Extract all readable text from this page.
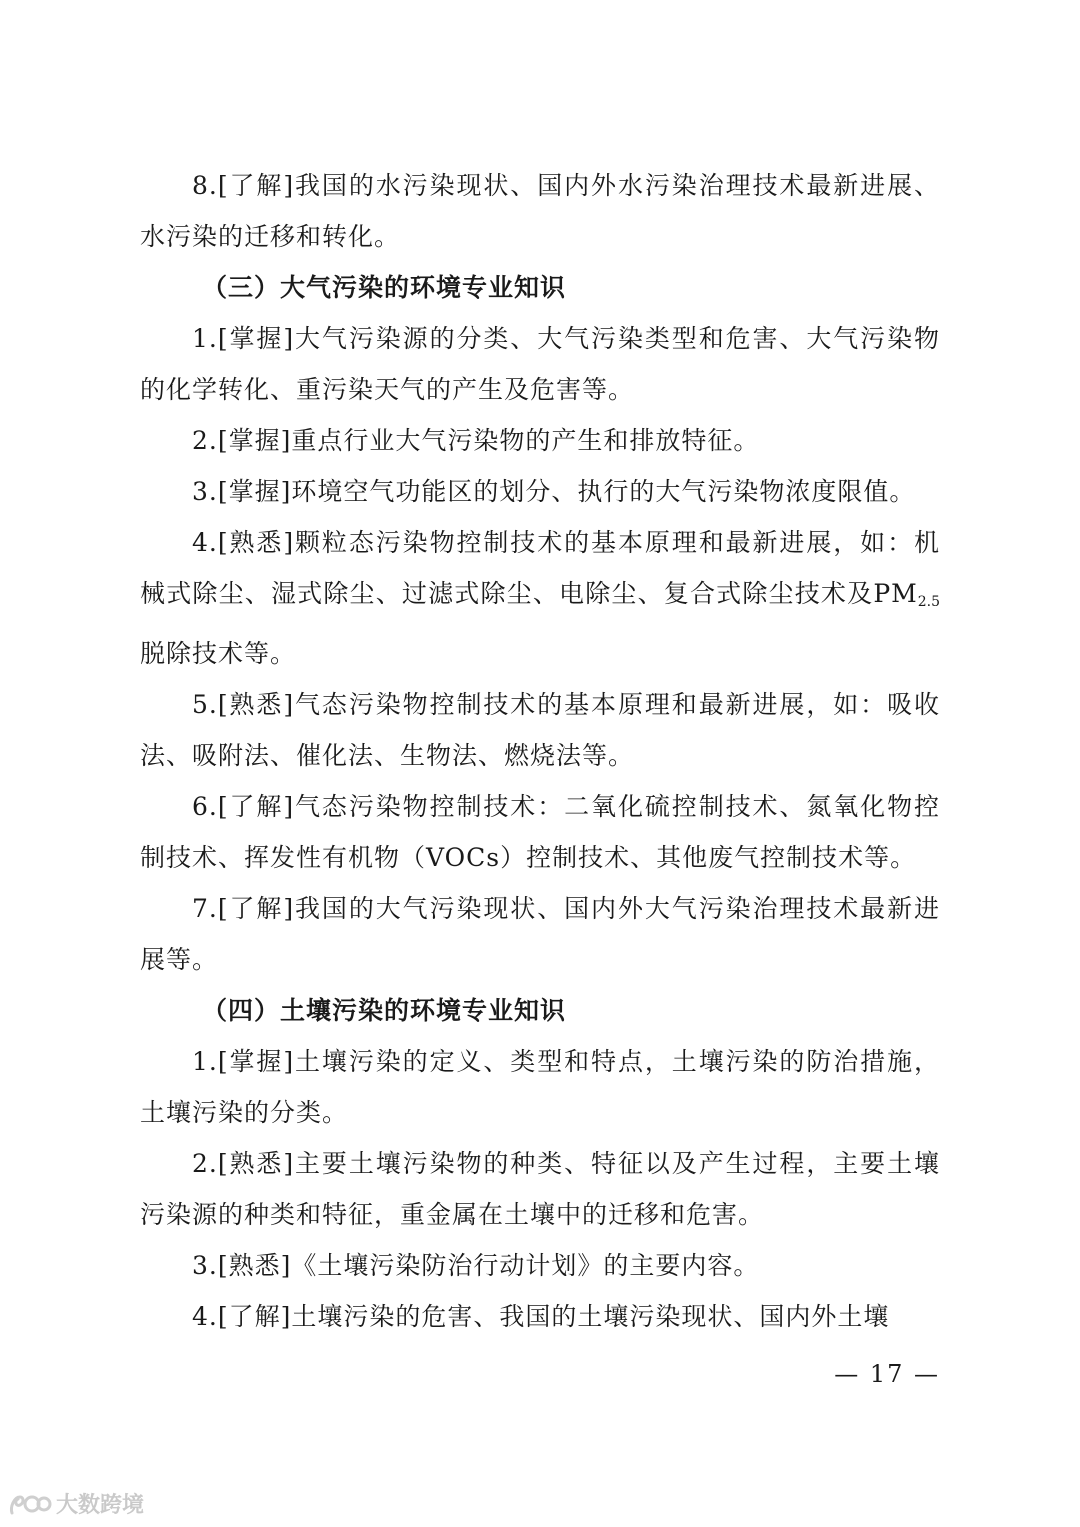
8.[了解]我国的水污染现状、国内外水污染治理技术最新进展、水污染的迁移和转化。

（三）大气污染的环境专业知识

1.[掌握]大气污染源的分类、大气污染类型和危害、大气污染物的化学转化、重污染天气的产生及危害等。

2.[掌握]重点行业大气污染物的产生和排放特征。

3.[掌握]环境空气功能区的划分、执行的大气污染物浓度限值。

4.[熟悉]颗粒态污染物控制技术的基本原理和最新进展，如：机械式除尘、湿式除尘、过滤式除尘、电除尘、复合式除尘技术及$PM_{2.5}$脱除技术等。

5.[熟悉]气态污染物控制技术的基本原理和最新进展，如：吸收法、吸附法、催化法、生物法、燃烧法等。

6.[了解]气态污染物控制技术：二氧化硫控制技术、氮氧化物控制技术、挥发性有机物（VOCs）控制技术、其他废气控制技术等。

7.[了解]我国的大气污染现状、国内外大气污染治理技术最新进展等。

（四）土壤污染的环境专业知识

1.[掌握]土壤污染的定义、类型和特点，土壤污染的防治措施，土壤污染的分类。

2.[熟悉]主要土壤污染物的种类、特征以及产生过程，主要土壤污染源的种类和特征，重金属在土壤中的迁移和危害。

3.[熟悉]《土壤污染防治行动计划》的主要内容。

4.[了解]土壤污染的危害、我国的土壤污染现状、国内外土壤

— 17 —
大数跨境
